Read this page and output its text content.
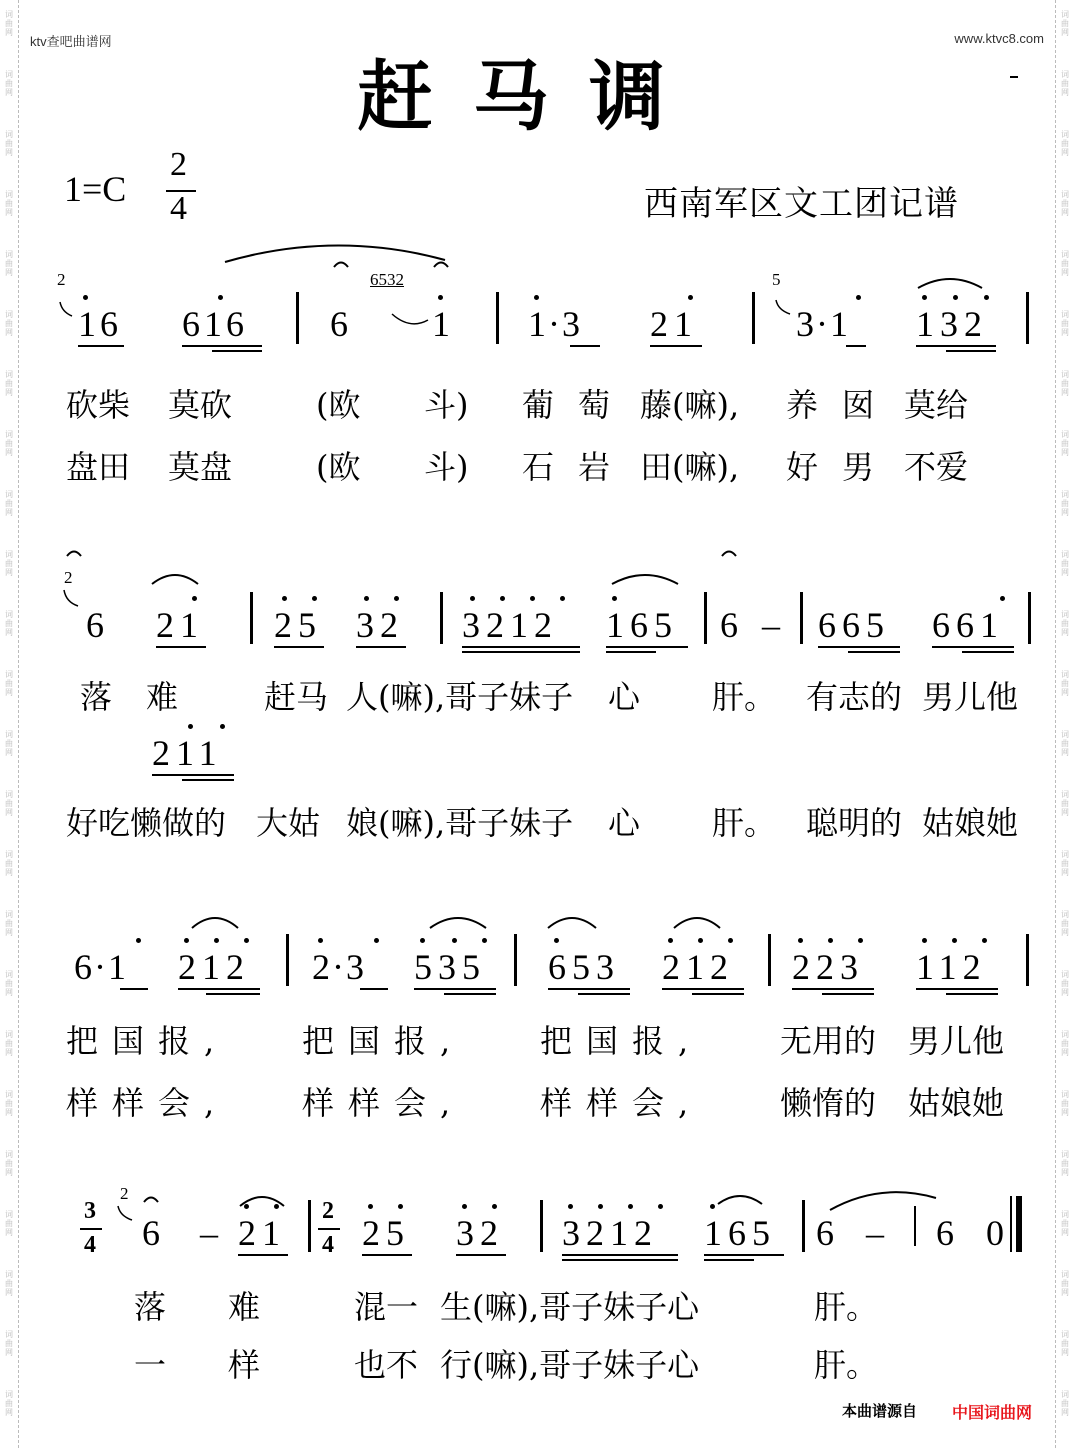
词曲网
词曲网
词曲网
词曲网
词曲网
词曲网
词曲网
词曲网
词曲网
词曲网
词曲网
词曲网
词曲网
词曲网
词曲网
词曲网
词曲网
词曲网
词曲网
词曲网
词曲网
词曲网
词曲网
词曲网
词曲网
词曲网
词曲网
词曲网
词曲网
词曲网
词曲网
词曲网
词曲网
词曲网
词曲网
词曲网
词曲网
词曲网
词曲网
词曲网
词曲网
词曲网
词曲网
词曲网
词曲网
词曲网
词曲网
词曲网
ktv查吧曲谱网	www.ktvc8.com
赶马调
1=C
2
4	西南军区文工团记谱
2	6532	5
16 616 6 1 1·3 21	3·1 132
砍柴 莫砍	(欧 斗) 葡 萄 藤(嘛), 养 囡 莫给
盘田 莫盘	(欧 斗) 石 岩 田(嘛), 好 男 不爱
2
6 21 25 32 3212 165 6 – 665 661
落 难	赶马 人(嘛),哥子妹子 心 肝。 有志的 男儿他
211
好吃懒做的 大姑 娘(嘛),哥子妹子 心 肝。 聪明的 姑娘她
6·1 212 2·3 535 653 212 223 112
把国报, 把国报, 把国报, 无用的 男儿他
样样会, 样样会, 样样会, 懒惰的 姑娘她
3
4
2
6 – 21
2
4 25 32 3212 165 6 – 6 0
落 难	混一 生(嘛),哥子妹子心	肝。
一 样	也不 行(嘛),哥子妹子心	肝。
本曲谱源自 中国词曲网
